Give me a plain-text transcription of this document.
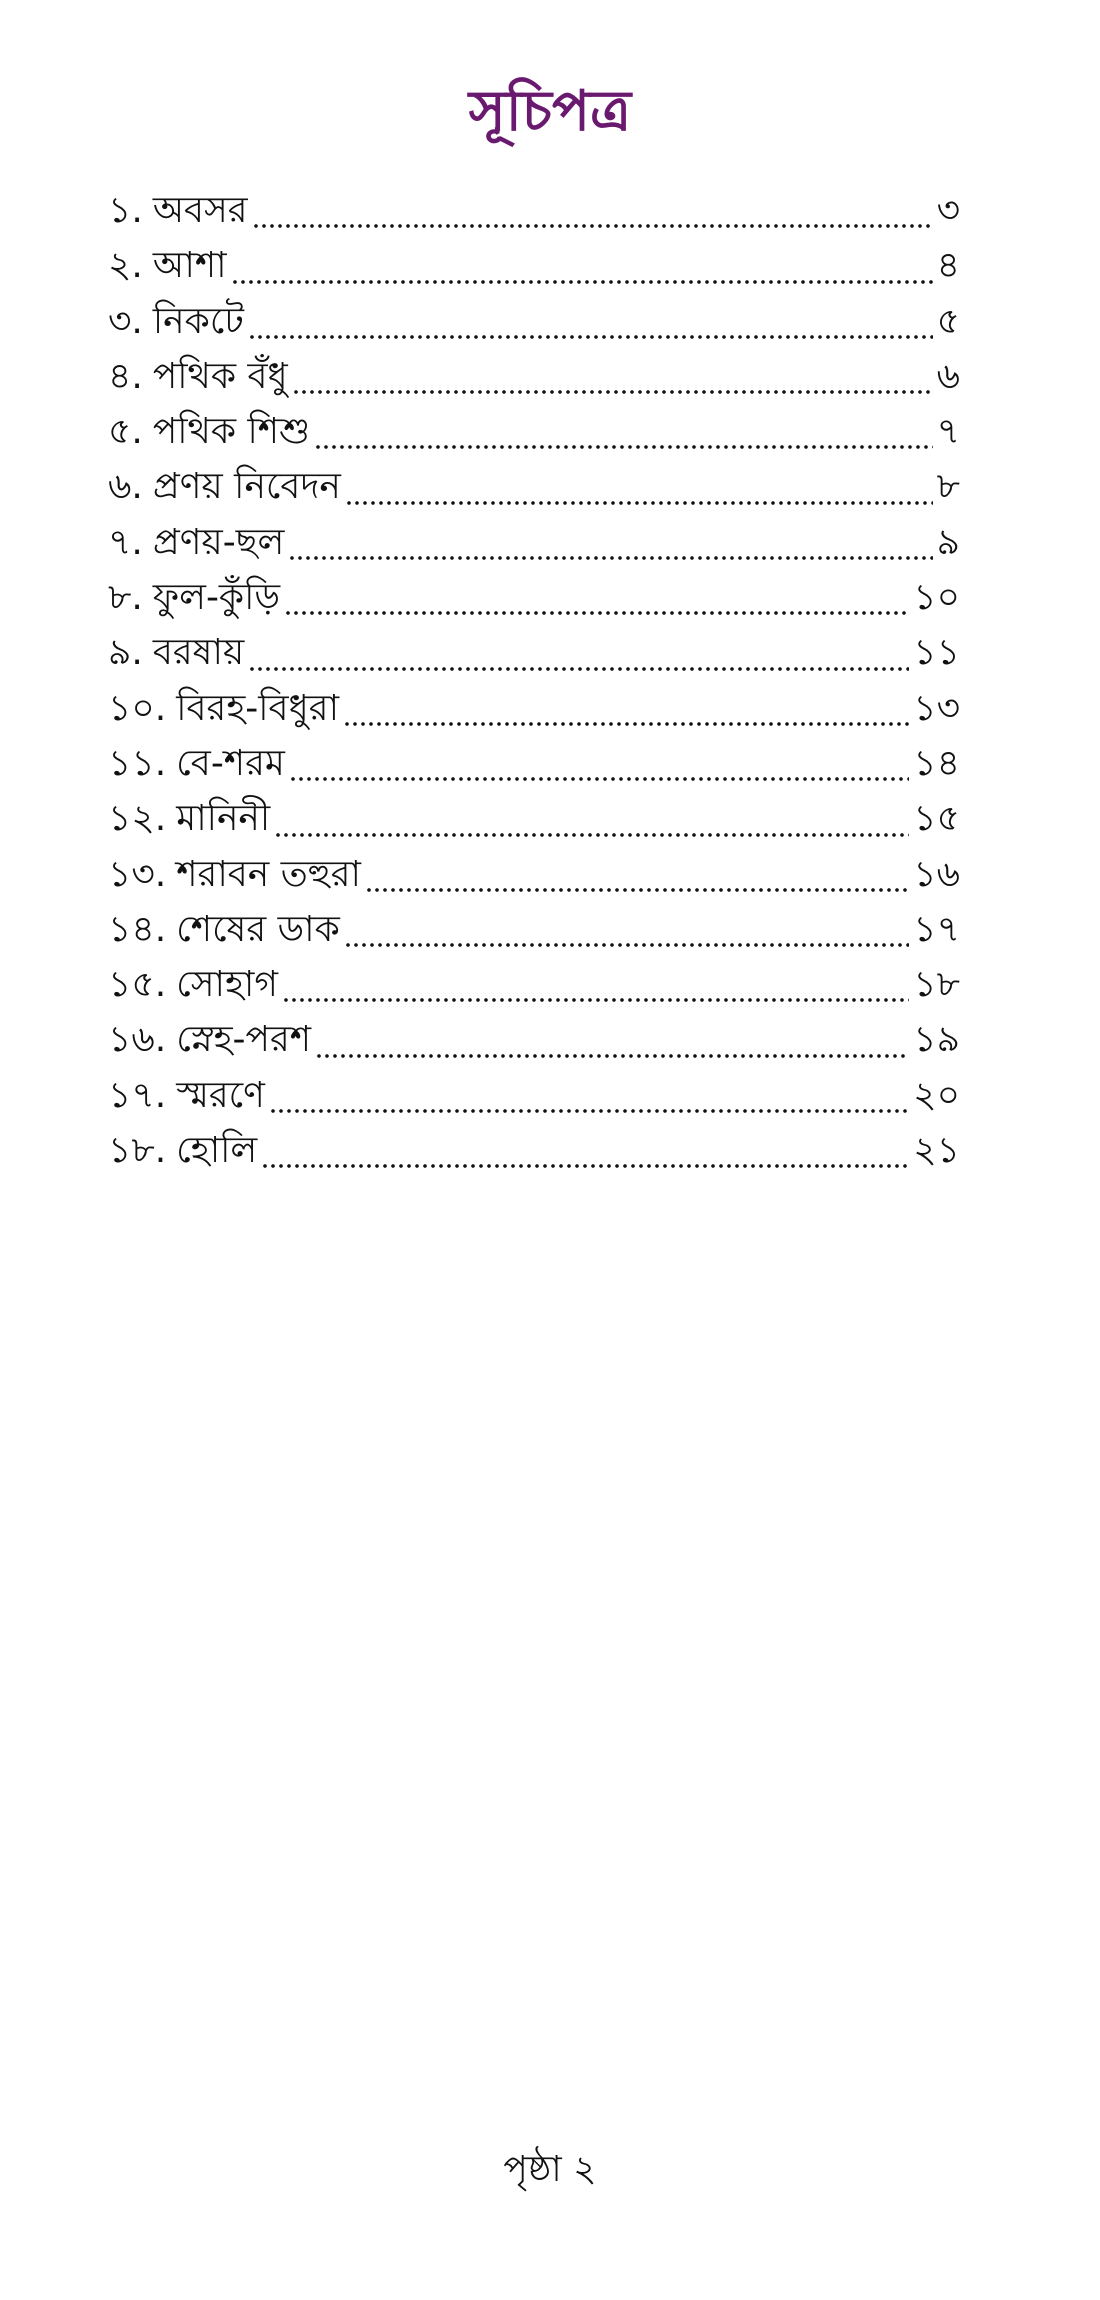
সূচিপত্র
১. অবসর	৩
২. আশা	৪
৩. নিকটে	৫
৪. পথিক বঁধু	৬
৫. পথিক শিশু	৭
৬. প্রণয় নিবেদন	৮
৭. প্রণয়-ছল	৯
৮. ফুল-কুঁড়ি	১০
৯. বরষায়	১১
১০. বিরহ-বিধুরা	১৩
১১. বে-শরম	১৪
১২. মানিনী	১৫
১৩. শরাবন তহুরা	১৬
১৪. শেষের ডাক	১৭
১৫. সোহাগ	১৮
১৬. স্নেহ-পরশ	১৯
১৭. স্মরণে	২০
১৮. হোলি	২১
পৃষ্ঠা ২
